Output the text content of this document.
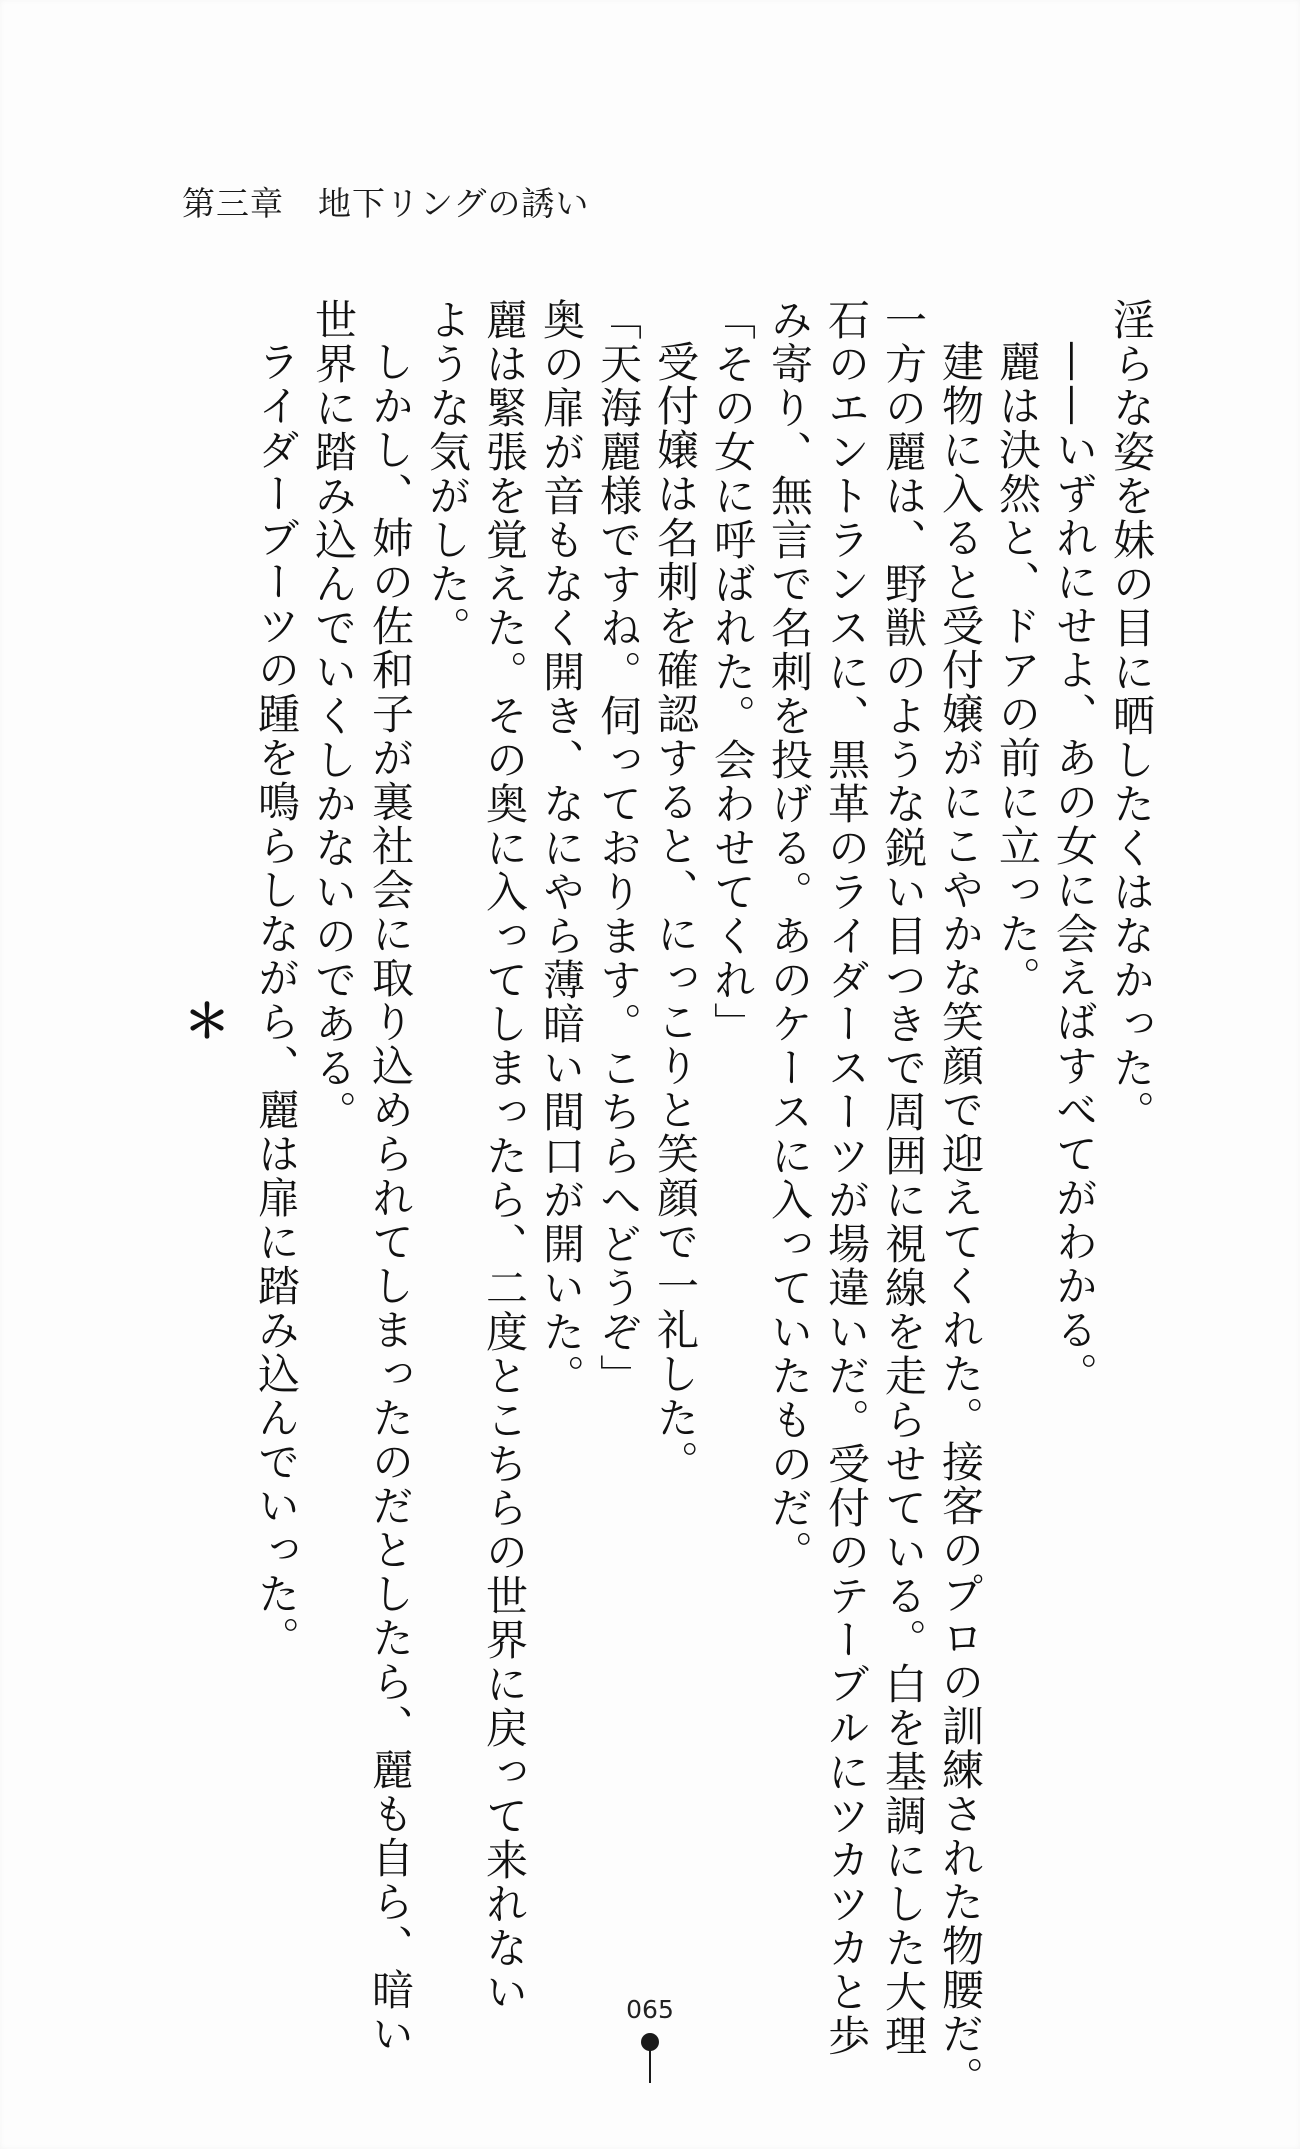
第三章　地下リングの誘い
淫らな姿を妹の目に晒したくはなかった。
——いずれにせよ、あの女に会えばすべてがわかる。
麗は決然と、ドアの前に立った。
建物に入ると受付嬢がにこやかな笑顔で迎えてくれた。接客のプロの訓練された物腰だ。
一方の麗は、野獣のような鋭い目つきで周囲に視線を走らせている。白を基調にした大理
石のエントランスに、黒革のライダースーツが場違いだ。受付のテーブルにツカツカと歩
み寄り、無言で名刺を投げる。あのケースに入っていたものだ。
「その女に呼ばれた。会わせてくれ」
受付嬢は名刺を確認すると、にっこりと笑顔で一礼した。
「天海麗様ですね。伺っております。こちらへどうぞ」
奥の扉が音もなく開き、なにやら薄暗い間口が開いた。
麗は緊張を覚えた。その奥に入ってしまったら、二度とこちらの世界に戻って来れない
ような気がした。
しかし、姉の佐和子が裏社会に取り込められてしまったのだとしたら、麗も自ら、暗い
世界に踏み込んでいくしかないのである。
ライダーブーツの踵を鳴らしながら、麗は扉に踏み込んでいった。
＊
065
